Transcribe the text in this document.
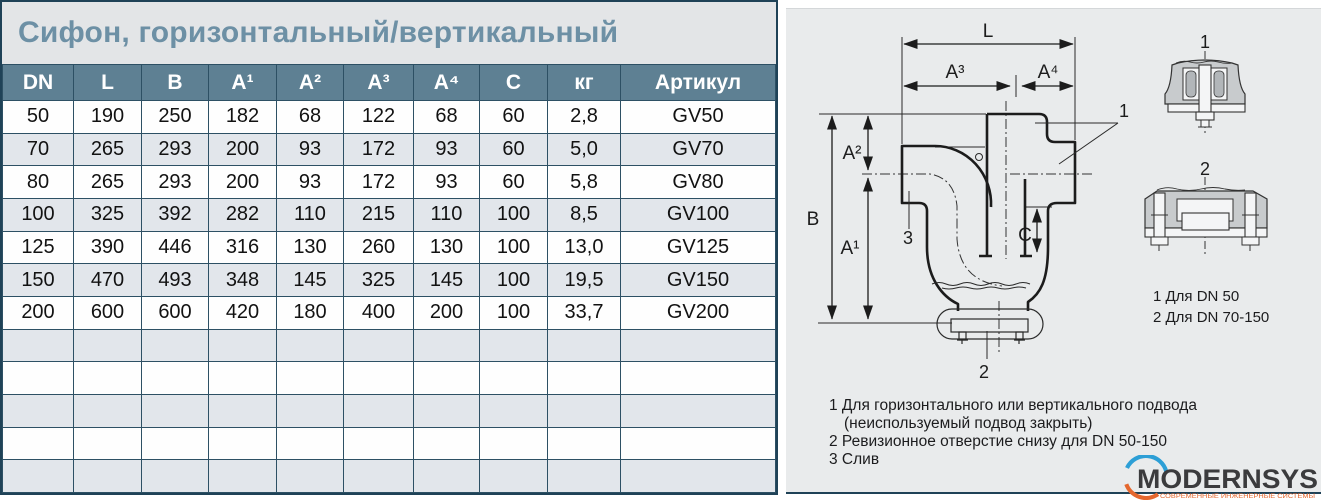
Сифон, горизонтальный/вертикальный
DN	L	B	A¹	A²	A³	A⁴	C	кг	Артикул
50	190	250	182	68	122	68	60	2,8	GV50
70	265	293	200	93	172	93	60	5,0	GV70
80	265	293	200	93	172	93	60	5,8	GV80
100	325	392	282	110	215	110	100	8,5	GV100
125	390	446	316	130	260	130	100	13,0	GV125
150	470	493	348	145	325	145	100	19,5	GV150
200	600	600	420	180	400	200	100	33,7	GV200

L
A³	A⁴
B
A²
A¹
C
1
2
3
1
2
1 Для DN 50
2 Для DN 70-150
1 Для горизонтального или вертикального подвода
(неиспользуемый подвод закрыть)
2 Ревизионное отверстие снизу для DN 50-150
3 Слив
MODERNSYS
СОВРЕМЕННЫЕ ИНЖЕНЕРНЫЕ СИСТЕМЫ
